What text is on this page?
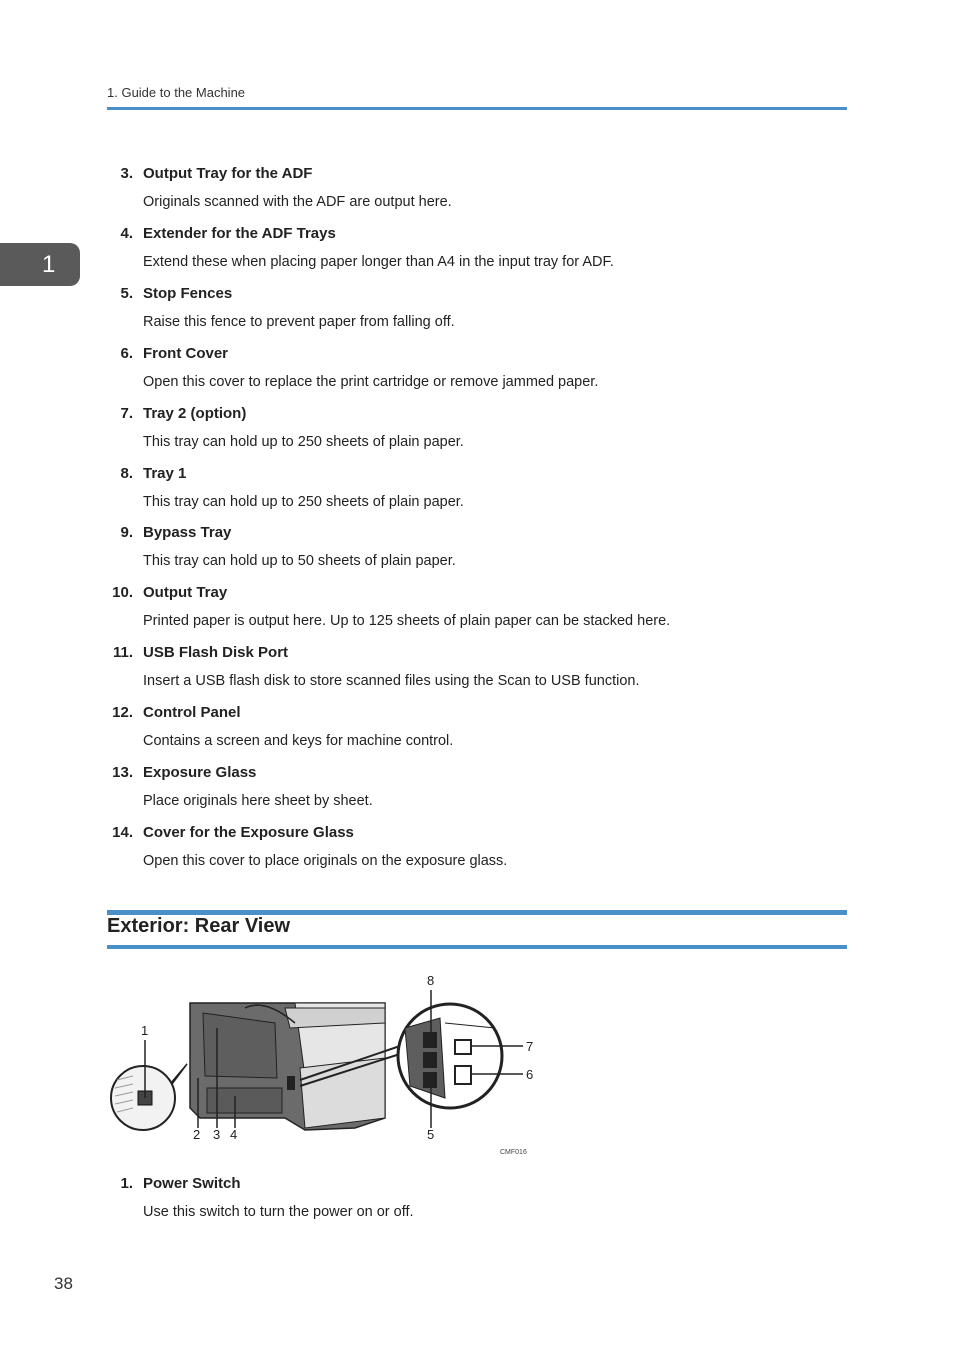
1. Guide to the Machine
1
3. Output Tray for the ADF
Originals scanned with the ADF are output here.
4. Extender for the ADF Trays
Extend these when placing paper longer than A4 in the input tray for ADF.
5. Stop Fences
Raise this fence to prevent paper from falling off.
6. Front Cover
Open this cover to replace the print cartridge or remove jammed paper.
7. Tray 2 (option)
This tray can hold up to 250 sheets of plain paper.
8. Tray 1
This tray can hold up to 250 sheets of plain paper.
9. Bypass Tray
This tray can hold up to 50 sheets of plain paper.
10. Output Tray
Printed paper is output here. Up to 125 sheets of plain paper can be stacked here.
11. USB Flash Disk Port
Insert a USB flash disk to store scanned files using the Scan to USB function.
12. Control Panel
Contains a screen and keys for machine control.
13. Exposure Glass
Place originals here sheet by sheet.
14. Cover for the Exposure Glass
Open this cover to place originals on the exposure glass.
Exterior: Rear View
1
2 3 4	5
6
7
8
CMF016
1. Power Switch
Use this switch to turn the power on or off.
38
